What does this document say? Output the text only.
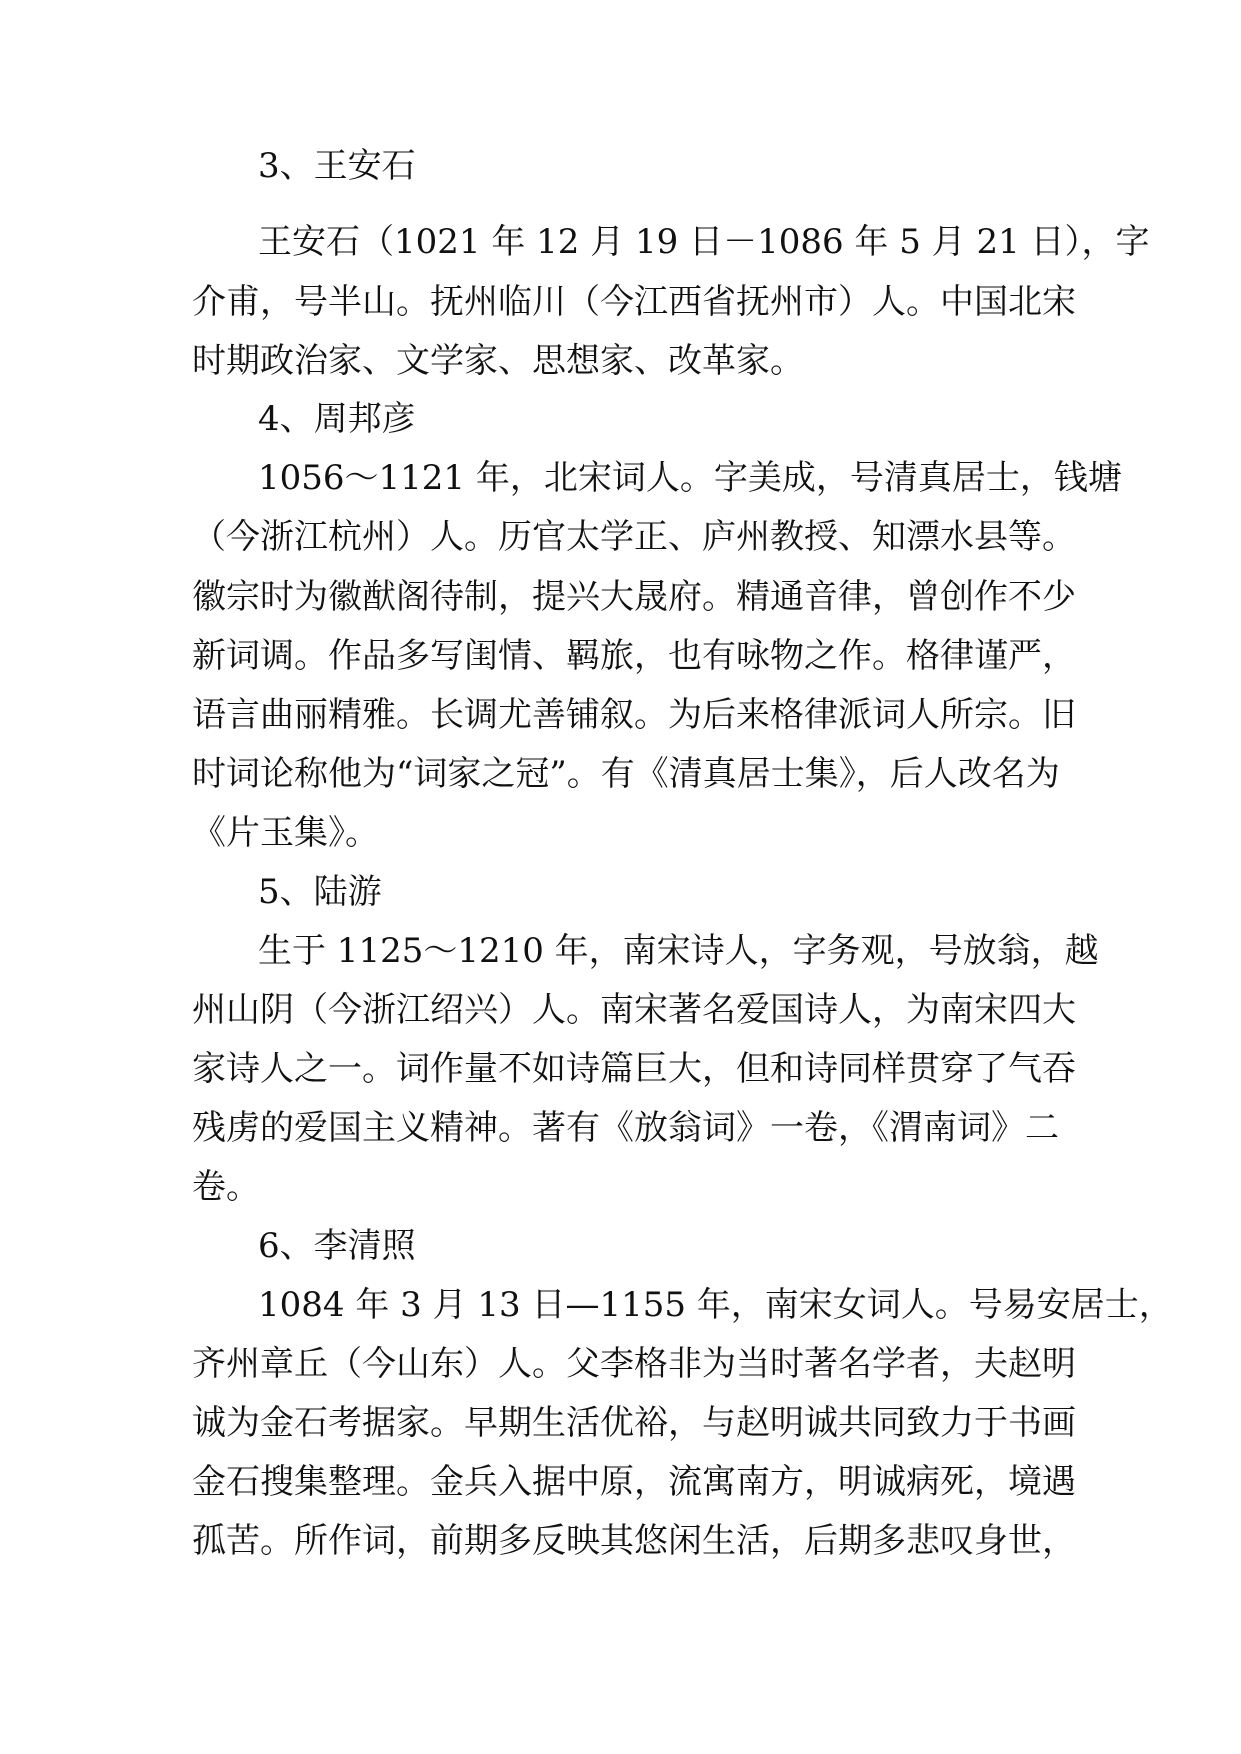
3、王安石
王安石（1021 年 12 月 19 日－1086 年 5 月 21 日），字
介甫，号半山。抚州临川（今江西省抚州市）人。中国北宋
时期政治家、文学家、思想家、改革家。
4、周邦彦
1056～1121 年，北宋词人。字美成，号清真居士，钱塘
（今浙江杭州）人。历官太学正、庐州教授、知漂水县等。
徽宗时为徽猷阁待制，提兴大晟府。精通音律，曾创作不少
新词调。作品多写闺情、羁旅，也有咏物之作。格律谨严，
语言曲丽精雅。长调尤善铺叙。为后来格律派词人所宗。旧
时词论称他为“词家之冠”。有《清真居士集》，后人改名为
《片玉集》。
5、陆游
生于 1125～1210 年，南宋诗人，字务观，号放翁，越
州山阴（今浙江绍兴）人。南宋著名爱国诗人，为南宋四大
家诗人之一。词作量不如诗篇巨大，但和诗同样贯穿了气吞
残虏的爱国主义精神。著有《放翁词》一卷，《渭南词》二
卷。
6、李清照
1084 年 3 月 13 日—1155 年，南宋女词人。号易安居士，
齐州章丘（今山东）人。父李格非为当时著名学者，夫赵明
诚为金石考据家。早期生活优裕，与赵明诚共同致力于书画
金石搜集整理。金兵入据中原，流寓南方，明诚病死，境遇
孤苦。所作词，前期多反映其悠闲生活，后期多悲叹身世，
